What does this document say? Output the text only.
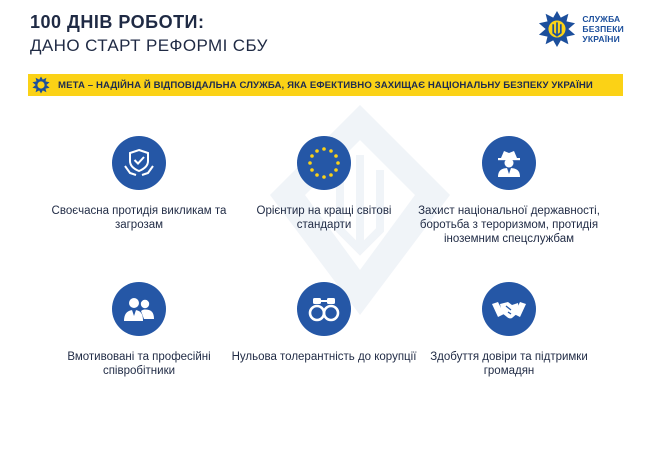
100 ДНІВ РОБОТИ:
ДАНО СТАРТ РЕФОРМІ СБУ
СЛУЖБА
БЕЗПЕКИ
УКРАЇНИ
МЕТА – НАДІЙНА Й ВІДПОВІДАЛЬНА СЛУЖБА, ЯКА ЕФЕКТИВНО ЗАХИЩАЄ НАЦІОНАЛЬНУ БЕЗПЕКУ УКРАЇНИ
Своєчасна протидія викликам та загрозам
Орієнтир на кращі світові стандарти
Захист національної державності, боротьба з тероризмом, протидія іноземним спецслужбам
Вмотивовані та професійні співробітники
Нульова толерантність до корупції	Здобуття довіри та підтримки громадян
